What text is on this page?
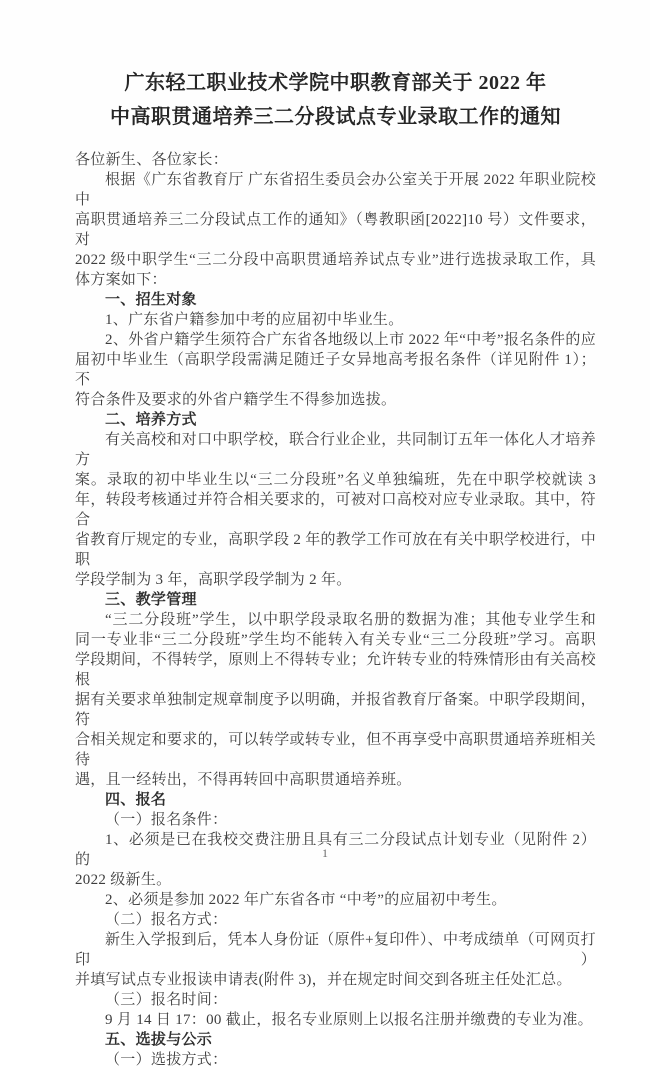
广东轻工职业技术学院中职教育部关于 2022 年
中高职贯通培养三二分段试点专业录取工作的通知
各位新生、各位家长：
根据《广东省教育厅 广东省招生委员会办公室关于开展 2022 年职业院校中
高职贯通培养三二分段试点工作的通知》（粤教职函[2022]10 号）文件要求，对
2022 级中职学生“三二分段中高职贯通培养试点专业”进行选拔录取工作，具
体方案如下：
一、招生对象
1、广东省户籍参加中考的应届初中毕业生。
2、外省户籍学生须符合广东省各地级以上市 2022 年“中考”报名条件的应
届初中毕业生（高职学段需满足随迁子女异地高考报名条件（详见附件 1）；不
符合条件及要求的外省户籍学生不得参加选拔。
二、培养方式
有关高校和对口中职学校，联合行业企业，共同制订五年一体化人才培养方
案。录取的初中毕业生以“三二分段班”名义单独编班，先在中职学校就读 3
年，转段考核通过并符合相关要求的，可被对口高校对应专业录取。其中，符合
省教育厅规定的专业，高职学段 2 年的教学工作可放在有关中职学校进行，中职
学段学制为 3 年，高职学段学制为 2 年。
三、教学管理
“三二分段班”学生，以中职学段录取名册的数据为准；其他专业学生和
同一专业非“三二分段班”学生均不能转入有关专业“三二分段班”学习。高职
学段期间，不得转学，原则上不得转专业；允许转专业的特殊情形由有关高校根
据有关要求单独制定规章制度予以明确，并报省教育厅备案。中职学段期间，符
合相关规定和要求的，可以转学或转专业，但不再享受中高职贯通培养班相关待
遇，且一经转出，不得再转回中高职贯通培养班。
四、报名
（一）报名条件：
1、必须是已在我校交费注册且具有三二分段试点计划专业（见附件 2）的
2022 级新生。
2、必须是参加 2022 年广东省各市 “中考”的应届初中考生。
（二）报名方式：
新生入学报到后，凭本人身份证（原件+复印件）、中考成绩单（可网页打印）
并填写试点专业报读申请表(附件 3)，并在规定时间交到各班主任处汇总。
（三）报名时间：
9 月 14 日 17：00 截止，报名专业原则上以报名注册并缴费的专业为准。
五、选拔与公示
（一）选拔方式：
1
